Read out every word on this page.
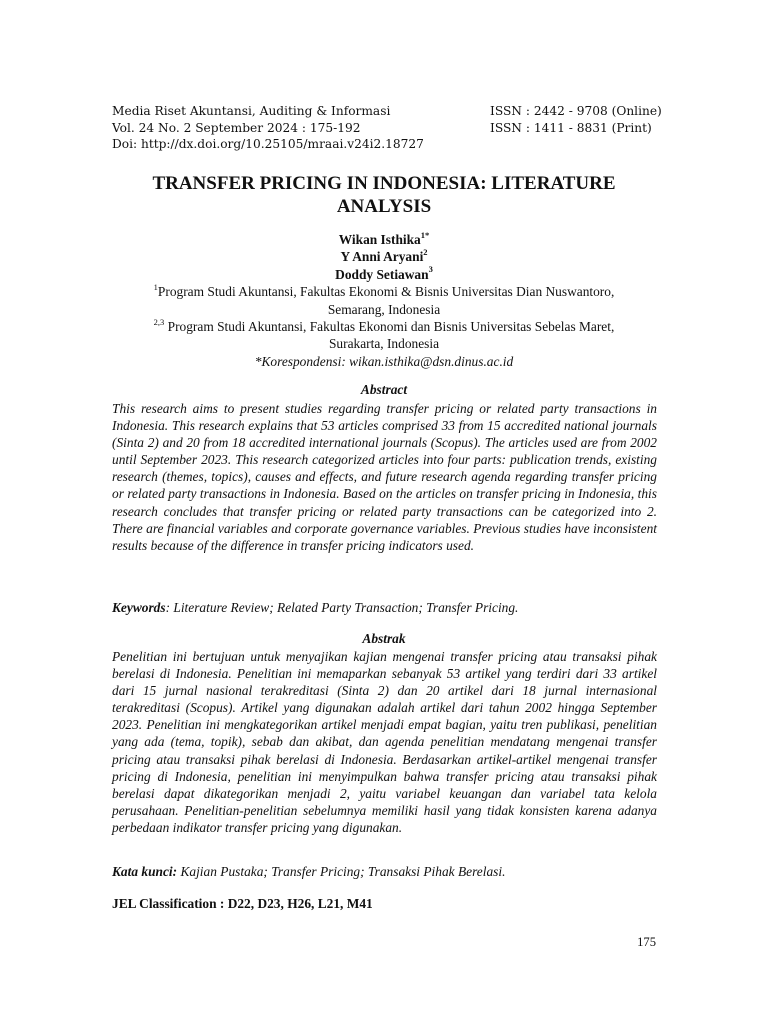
Media Riset Akuntansi, Auditing & Informasi	ISSN : 2442 - 9708 (Online)
Vol. 24 No. 2 September 2024 : 175-192	ISSN : 1411 - 8831 (Print)
Doi: http://dx.doi.org/10.25105/mraai.v24i2.18727
TRANSFER PRICING IN INDONESIA: LITERATURE
ANALYSIS
Wikan Isthika$^{1*}$
Y Anni Aryani$^2$
Doddy Setiawan$^3$
$^1$Program Studi Akuntansi, Fakultas Ekonomi & Bisnis Universitas Dian Nuswantoro,
Semarang, Indonesia
$^{2,3}$ Program Studi Akuntansi, Fakultas Ekonomi dan Bisnis Universitas Sebelas Maret,
Surakarta, Indonesia
*Korespondensi: wikan.isthika@dsn.dinus.ac.id
Abstract
This research aims to present studies regarding transfer pricing or related party transactions in Indonesia. This research explains that 53 articles comprised 33 from 15 accredited national journals (Sinta 2) and 20 from 18 accredited international journals (Scopus). The articles used are from 2002 until September 2023. This research categorized articles into four parts: publication trends, existing research (themes, topics), causes and effects, and future research agenda regarding transfer pricing or related party transactions in Indonesia. Based on the articles on transfer pricing in Indonesia, this research concludes that transfer pricing or related party transactions can be categorized into 2. There are financial variables and corporate governance variables. Previous studies have inconsistent results because of the difference in transfer pricing indicators used.
Keywords: Literature Review; Related Party Transaction; Transfer Pricing.
Abstrak
Penelitian ini bertujuan untuk menyajikan kajian mengenai transfer pricing atau transaksi pihak berelasi di Indonesia. Penelitian ini memaparkan sebanyak 53 artikel yang terdiri dari 33 artikel dari 15 jurnal nasional terakreditasi (Sinta 2) dan 20 artikel dari 18 jurnal internasional terakreditasi (Scopus). Artikel yang digunakan adalah artikel dari tahun 2002 hingga September 2023. Penelitian ini mengkategorikan artikel menjadi empat bagian, yaitu tren publikasi, penelitian yang ada (tema, topik), sebab dan akibat, dan agenda penelitian mendatang mengenai transfer pricing atau transaksi pihak berelasi di Indonesia. Berdasarkan artikel-artikel mengenai transfer pricing di Indonesia, penelitian ini menyimpulkan bahwa transfer pricing atau transaksi pihak berelasi dapat dikategorikan menjadi 2, yaitu variabel keuangan dan variabel tata kelola perusahaan. Penelitian-penelitian sebelumnya memiliki hasil yang tidak konsisten karena adanya perbedaan indikator transfer pricing yang digunakan.
Kata kunci: Kajian Pustaka; Transfer Pricing; Transaksi Pihak Berelasi.
JEL Classification : D22, D23, H26, L21, M41
175
